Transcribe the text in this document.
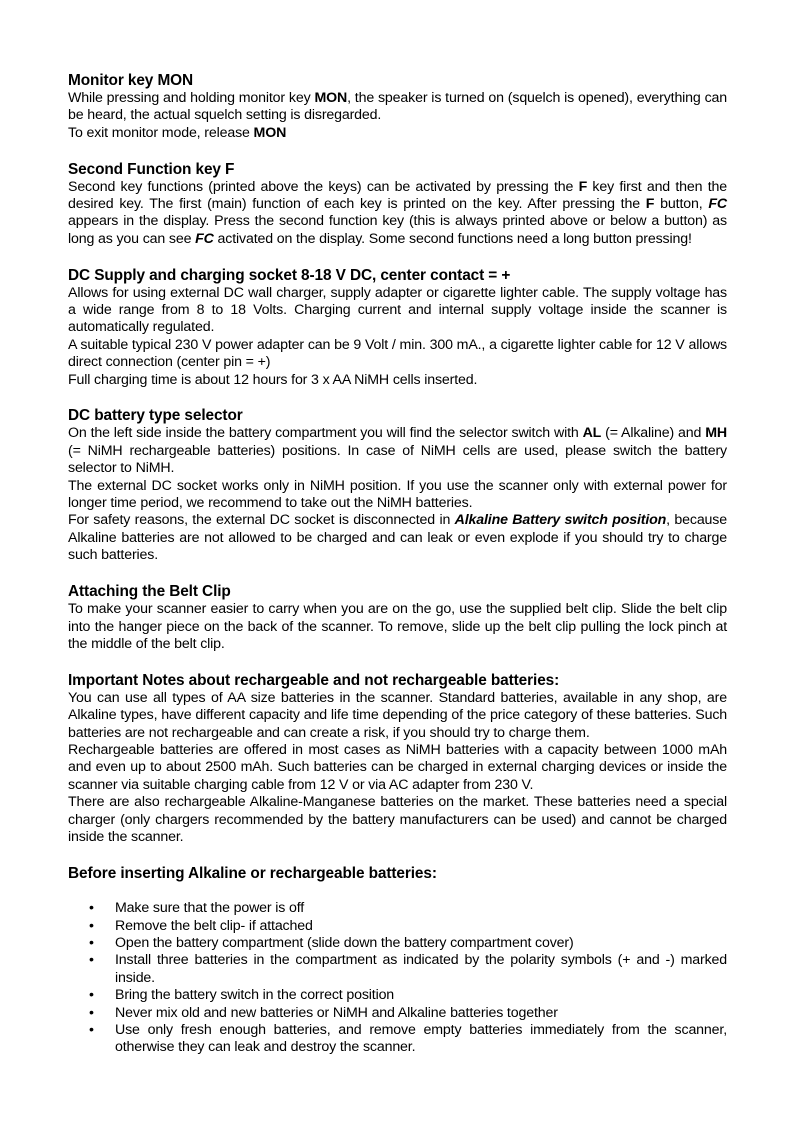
Monitor key MON

While pressing and holding monitor key MON, the speaker is turned on (squelch is opened), everything can be heard, the actual squelch setting is disregarded.

To exit monitor mode, release MON

Second Function key F

Second key functions (printed above the keys) can be activated by pressing the F key first and then the desired key. The first (main) function of each key is printed on the key. After pressing the F button, FC appears in the display. Press the second function key (this is always printed above or below a button) as long as you can see FC activated on the display. Some second functions need a long button pressing!

DC Supply and charging socket 8-18 V DC, center contact = +

Allows for using external DC wall charger, supply adapter or cigarette lighter cable. The supply voltage has a wide range from 8 to 18 Volts. Charging current and internal supply voltage inside the scanner is automatically regulated.

A suitable typical 230 V power adapter can be 9 Volt / min. 300 mA., a cigarette lighter cable for 12 V allows direct connection (center pin = +)

Full charging time is about 12 hours for 3 x AA NiMH cells inserted.

DC battery type selector

On the left side inside the battery compartment you will find the selector switch with AL (= Alkaline) and MH (= NiMH rechargeable batteries) positions. In case of NiMH cells are used, please switch the battery selector to NiMH.

The external DC socket works only in NiMH position. If you use the scanner only with external power for longer time period, we recommend to take out the NiMH batteries.

For safety reasons, the external DC socket is disconnected in Alkaline Battery switch position, because Alkaline batteries are not allowed to be charged and can leak or even explode if you should try to charge such batteries.

Attaching the Belt Clip

To make your scanner easier to carry when you are on the go, use the supplied belt clip. Slide the belt clip into the hanger piece on the back of the scanner. To remove, slide up the belt clip pulling the lock pinch at the middle of the belt clip.

Important Notes about rechargeable and not rechargeable batteries:

You can use all types of AA size batteries in the scanner. Standard batteries, available in any shop, are Alkaline types, have different capacity and life time depending of the price category of these batteries. Such batteries are not rechargeable and can create a risk, if you should try to charge them.

Rechargeable batteries are offered in most cases as NiMH batteries with a capacity between 1000 mAh and even up to about 2500 mAh. Such batteries can be charged in external charging devices or inside the scanner via suitable charging cable from 12 V or via AC adapter from 230 V.

There are also rechargeable Alkaline-Manganese batteries on the market. These batteries need a special charger (only chargers recommended by the battery manufacturers can be used) and cannot be charged inside the scanner.

Before inserting Alkaline or rechargeable batteries:
• Make sure that the power is off
• Remove the belt clip- if attached
• Open the battery compartment (slide down the battery compartment cover)
• Install three batteries in the compartment as indicated by the polarity symbols (+ and -) marked inside.
• Bring the battery switch in the correct position
• Never mix old and new batteries or NiMH and Alkaline batteries together
• Use only fresh enough batteries, and remove empty batteries immediately from the scanner, otherwise they can leak and destroy the scanner.
